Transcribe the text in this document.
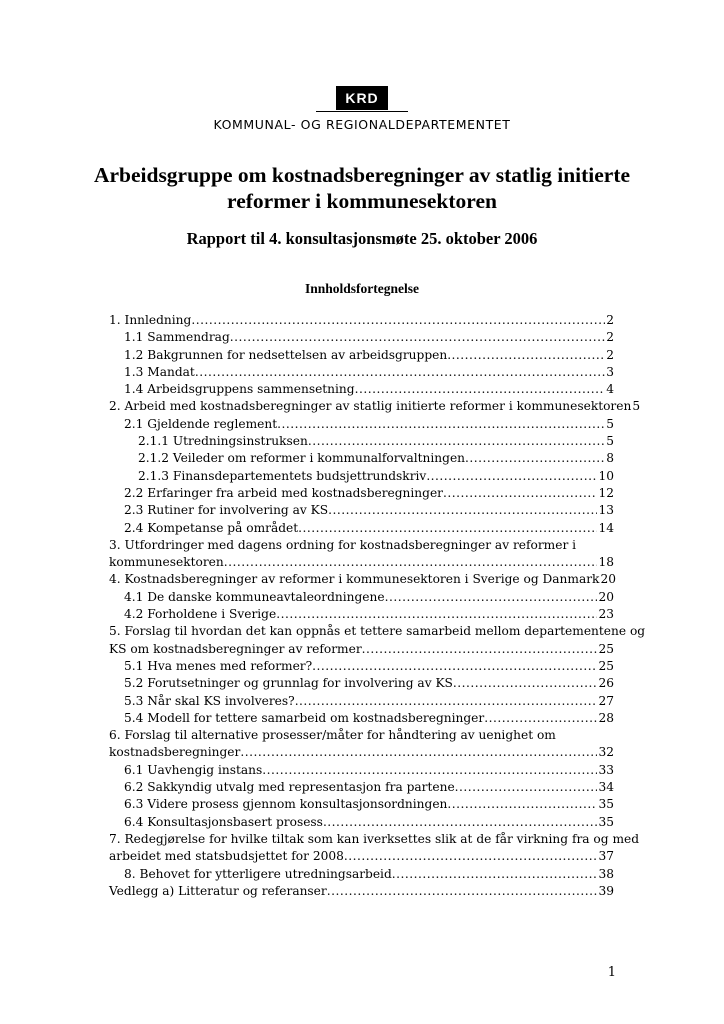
KRD
KOMMUNAL- OG REGIONALDEPARTEMENTET
Arbeidsgruppe om kostnadsberegninger av statlig initierte reformer i kommunesektoren
Rapport til 4. konsultasjonsmøte 25. oktober 2006
Innholdsfortegnelse
1. Innledning .....	2
1.1 Sammendrag .....	2
1.2 Bakgrunnen for nedsettelsen av arbeidsgruppen .....	2
1.3 Mandat .....	3
1.4 Arbeidsgruppens sammensetning .....	4
2. Arbeid med kostnadsberegninger av statlig initierte reformer i kommunesektoren 5
2.1 Gjeldende reglement .....	5
2.1.1 Utredningsinstruksen .....	5
2.1.2 Veileder om reformer i kommunalforvaltningen .....	8
2.1.3 Finansdepartementets budsjettrundskriv .....	10
2.2 Erfaringer fra arbeid med kostnadsberegninger .....	12
2.3 Rutiner for involvering av KS .....	13
2.4 Kompetanse på området .....	14
3. Utfordringer med dagens ordning for kostnadsberegninger av reformer i
kommunesektoren .....	18
4. Kostnadsberegninger av reformer i kommunesektoren i Sverige og Danmark 20
4.1 De danske kommuneavtaleordningene .....	20
4.2 Forholdene i Sverige .....	23
5. Forslag til hvordan det kan oppnås et tettere samarbeid mellom departementene og
KS om kostnadsberegninger av reformer .....	25
5.1 Hva menes med reformer? .....	25
5.2 Forutsetninger og grunnlag for involvering av KS .....	26
5.3 Når skal KS involveres? .....	27
5.4 Modell for tettere samarbeid om kostnadsberegninger .....	28
6. Forslag til alternative prosesser/måter for håndtering av uenighet om
kostnadsberegninger .....	32
6.1 Uavhengig instans .....	33
6.2 Sakkyndig utvalg med representasjon fra partene .....	34
6.3 Videre prosess gjennom konsultasjonsordningen .....	35
6.4 Konsultasjonsbasert prosess .....	35
7. Redegjørelse for hvilke tiltak som kan iverksettes slik at de får virkning fra og med
arbeidet med statsbudsjettet for 2008 .....	37
8. Behovet for ytterligere utredningsarbeid .....	38
Vedlegg a) Litteratur og referanser .....	39
1
